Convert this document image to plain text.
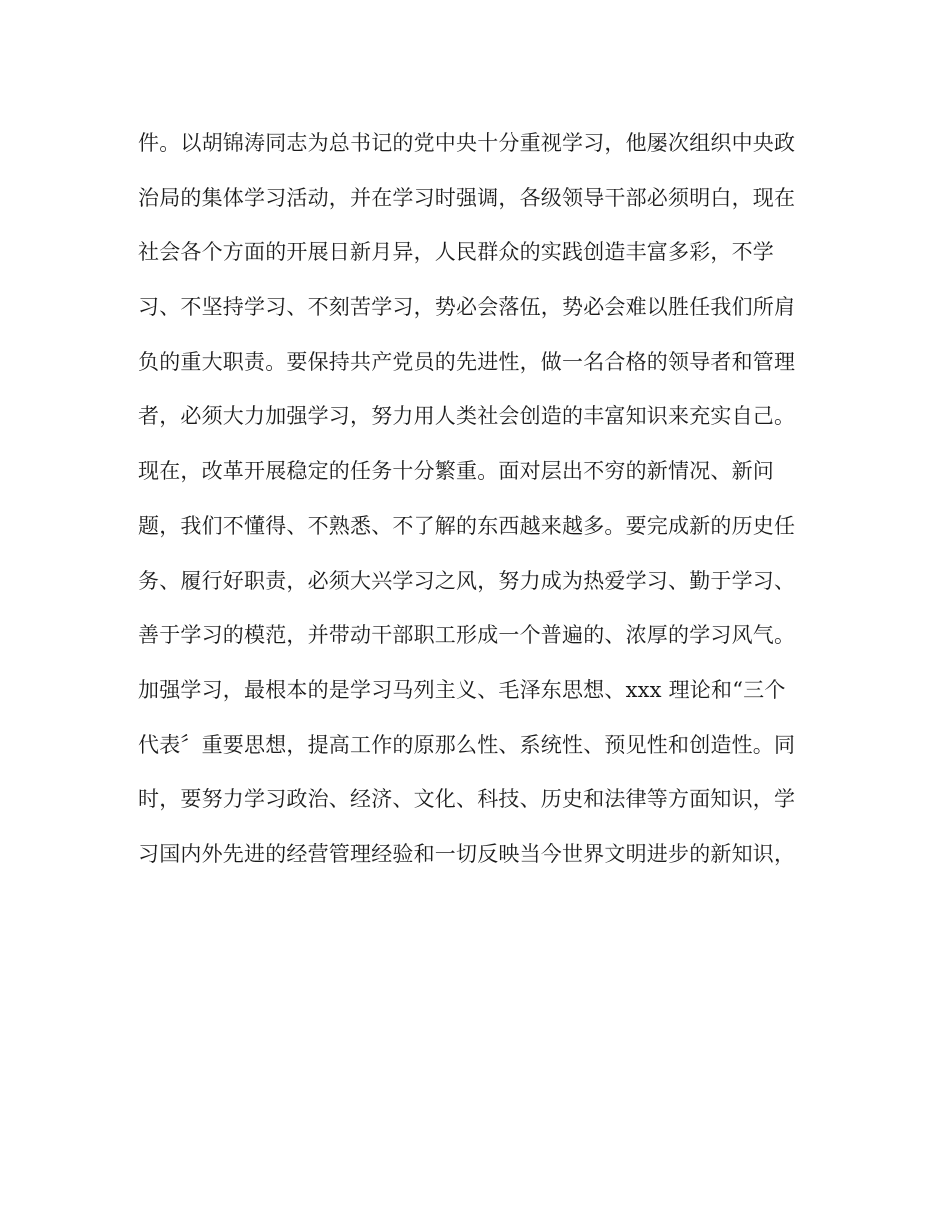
件。以胡锦涛同志为总书记的党中央十分重视学习，他屡次组织中央政
治局的集体学习活动，并在学习时强调，各级领导干部必须明白，现在
社会各个方面的开展日新月异，人民群众的实践创造丰富多彩，不学
习、不坚持学习、不刻苦学习，势必会落伍，势必会难以胜任我们所肩
负的重大职责。要保持共产党员的先进性，做一名合格的领导者和管理
者，必须大力加强学习，努力用人类社会创造的丰富知识来充实自己。
现在，改革开展稳定的任务十分繁重。面对层出不穷的新情况、新问
题，我们不懂得、不熟悉、不了解的东西越来越多。要完成新的历史任
务、履行好职责，必须大兴学习之风，努力成为热爱学习、勤于学习、
善于学习的模范，并带动干部职工形成一个普遍的、浓厚的学习风气。
加强学习，最根本的是学习马列主义、毛泽东思想、xxx 理论和“三个
代表〞重要思想，提高工作的原那么性、系统性、预见性和创造性。同
时，要努力学习政治、经济、文化、科技、历史和法律等方面知识，学
习国内外先进的经营管理经验和一切反映当今世界文明进步的新知识，
